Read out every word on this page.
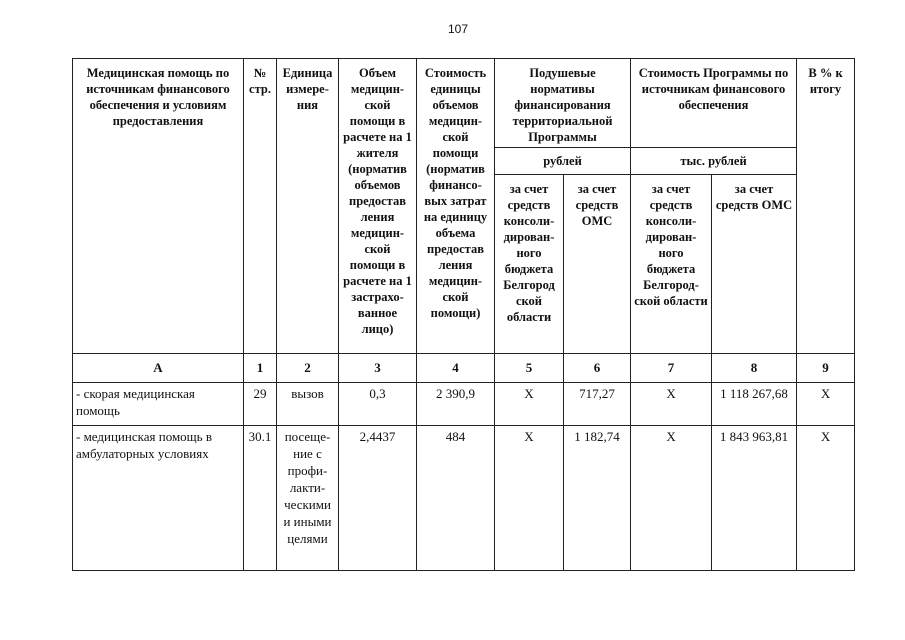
107
Медицинская помощь по источникам финансового обеспечения и условиям предоставления	№ стр.	Единица измере-ния	Объем медицин-ской помощи в расчете на 1 жителя (норматив объемов предостав ления медицин-ской помощи в расчете на 1 застрахо-ванное лицо)	Стоимость единицы объемов медицин-ской помощи (норматив финансо-вых затрат на единицу объема предостав ления медицин-ской помощи)	Подушевые нормативы финансирования территориальной Программы		Стоимость Программы по источникам финансового обеспечения		В % к итогу
					рублей		тыс. рублей		
					за счет средств консоли-дирован-ного бюджета Белгород ской области	за счет средств ОМС	за счет средств консоли-дирован-ного бюджета Белгород-ской области	за счет средств ОМС	
А	1	2	3	4	5	6	7	8	9
- скорая медицинская помощь	29	вызов	0,3	2 390,9	Х	717,27	Х	1 118 267,68	Х
- медицинская помощь в амбулаторных условиях	30.1	посеще-ние с профи-лакти-ческими и иными целями	2,4437	484	Х	1 182,74	Х	1 843 963,81	Х
